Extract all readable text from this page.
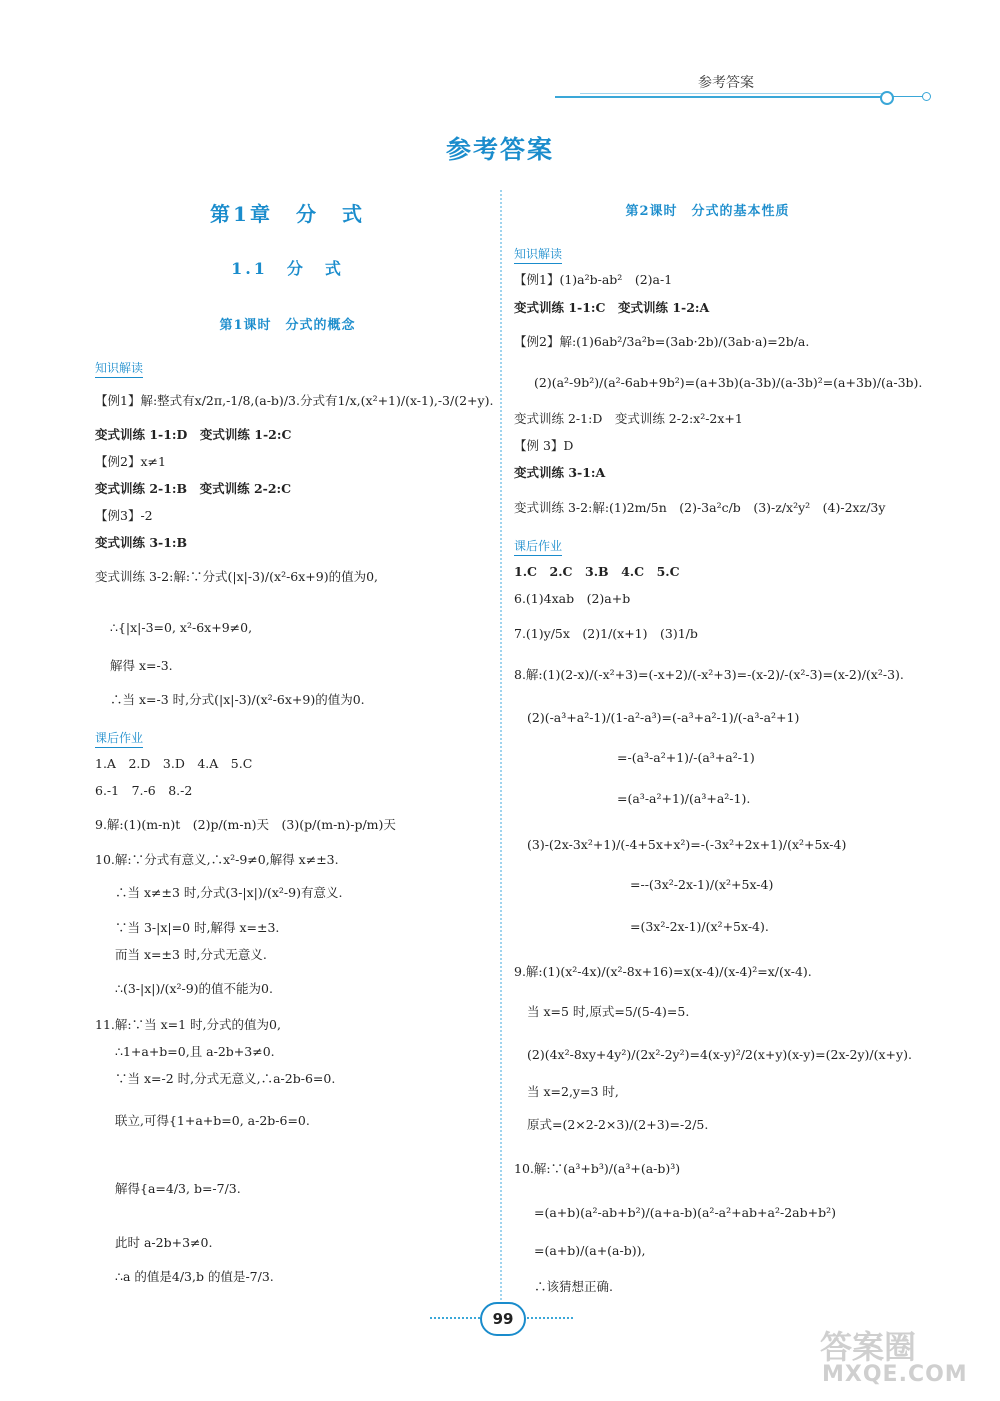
参考答案
参考答案
第1章　分　式
1.1　分　式
第1课时　分式的概念
知识解读
【例1】解:整式有x/2π,-1/8,(a-b)/3.分式有1/x,(x²+1)/(x-1),-3/(2+y).
变式训练 1-1:D　变式训练 1-2:C
【例2】x≠1
变式训练 2-1:B　变式训练 2-2:C
【例3】-2
变式训练 3-1:B
变式训练 3-2:解:∵分式(|x|-3)/(x²-6x+9)的值为0,
∴{|x|-3=0, x²-6x+9≠0,
解得 x=-3.
∴当 x=-3 时,分式(|x|-3)/(x²-6x+9)的值为0.
课后作业
1.A　2.D　3.D　4.A　5.C
6.-1　7.-6　8.-2
9.解:(1)(m-n)t　(2)p/(m-n)天　(3)(p/(m-n)-p/m)天
10.解:∵分式有意义,∴x²-9≠0,解得 x≠±3.
∴当 x≠±3 时,分式(3-|x|)/(x²-9)有意义.
∵当 3-|x|=0 时,解得 x=±3.
而当 x=±3 时,分式无意义.
∴(3-|x|)/(x²-9)的值不能为0.
11.解:∵当 x=1 时,分式的值为0,
∴1+a+b=0,且 a-2b+3≠0.
∵当 x=-2 时,分式无意义,∴a-2b-6=0.
联立,可得{1+a+b=0, a-2b-6=0.
解得{a=4/3, b=-7/3.
此时 a-2b+3≠0.
∴a 的值是4/3,b 的值是-7/3.
第2课时　分式的基本性质
知识解读
【例1】(1)a²b-ab²　(2)a-1
变式训练 1-1:C　变式训练 1-2:A
【例2】解:(1)6ab²/3a²b=(3ab·2b)/(3ab·a)=2b/a.
(2)(a²-9b²)/(a²-6ab+9b²)=(a+3b)(a-3b)/(a-3b)²=(a+3b)/(a-3b).
变式训练 2-1:D　变式训练 2-2:x²-2x+1
【例 3】D
变式训练 3-1:A
变式训练 3-2:解:(1)2m/5n　(2)-3a²c/b　(3)-z/x²y²　(4)-2xz/3y
课后作业
1.C　2.C　3.B　4.C　5.C
6.(1)4xab　(2)a+b
7.(1)y/5x　(2)1/(x+1)　(3)1/b
8.解:(1)(2-x)/(-x²+3)=(-x+2)/(-x²+3)=-(x-2)/-(x²-3)=(x-2)/(x²-3).
(2)(-a³+a²-1)/(1-a²-a³)=(-a³+a²-1)/(-a³-a²+1)
=-(a³-a²+1)/-(a³+a²-1)
=(a³-a²+1)/(a³+a²-1).
(3)-(2x-3x²+1)/(-4+5x+x²)=-(-3x²+2x+1)/(x²+5x-4)
=--(3x²-2x-1)/(x²+5x-4)
=(3x²-2x-1)/(x²+5x-4).
9.解:(1)(x²-4x)/(x²-8x+16)=x(x-4)/(x-4)²=x/(x-4).
当 x=5 时,原式=5/(5-4)=5.
(2)(4x²-8xy+4y²)/(2x²-2y²)=4(x-y)²/2(x+y)(x-y)=(2x-2y)/(x+y).
当 x=2,y=3 时,
原式=(2×2-2×3)/(2+3)=-2/5.
10.解:∵(a³+b³)/(a³+(a-b)³)
=(a+b)(a²-ab+b²)/(a+a-b)(a²-a²+ab+a²-2ab+b²)
=(a+b)/(a+(a-b)),
∴该猜想正确.
99
答案圈
MXQE.COM
